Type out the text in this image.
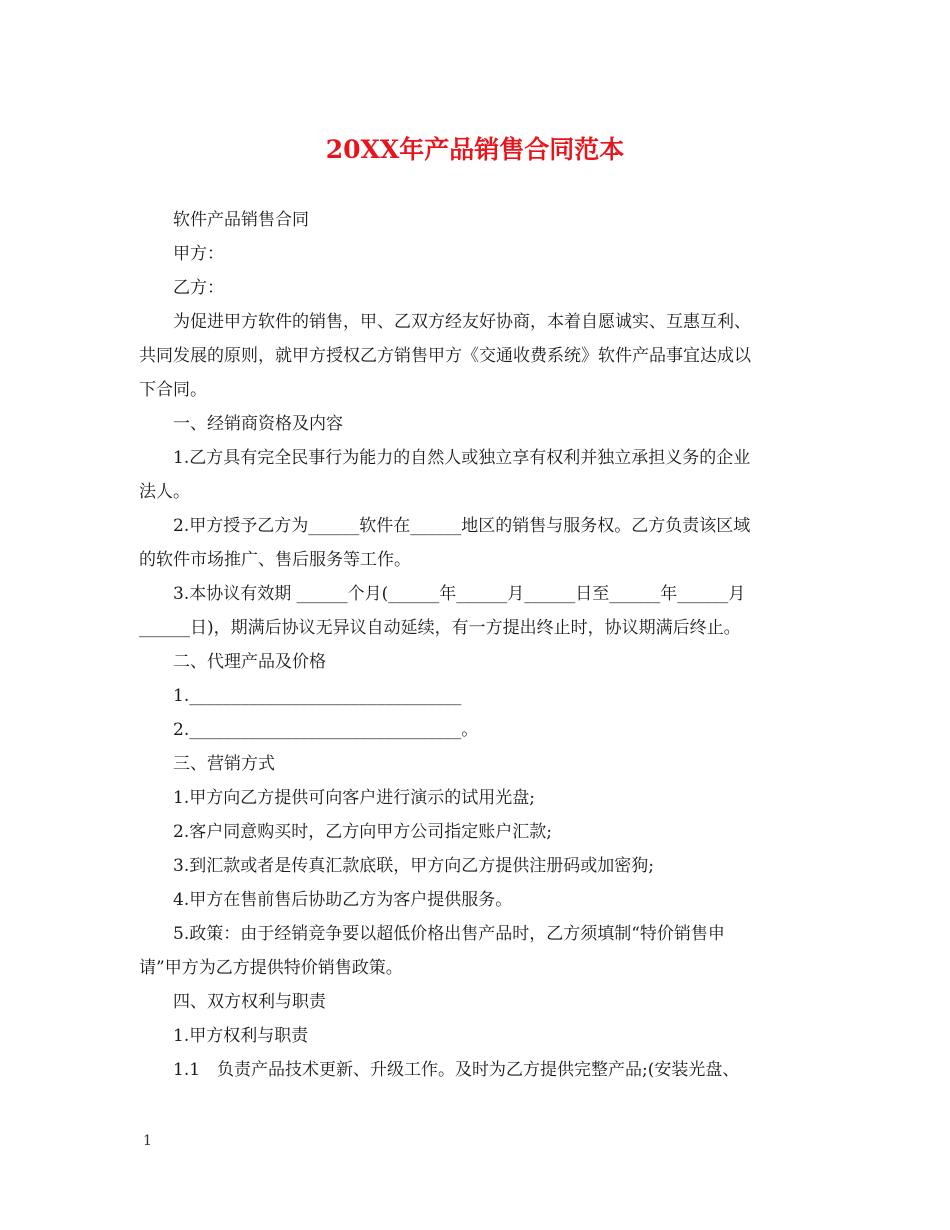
20XX年产品销售合同范本
软件产品销售合同
甲方：
乙方：
为促进甲方软件的销售，甲、乙双方经友好协商，本着自愿诚实、互惠互利、
共同发展的原则，就甲方授权乙方销售甲方《交通收费系统》软件产品事宜达成以
下合同。
一、经销商资格及内容
1.乙方具有完全民事行为能力的自然人或独立享有权利并独立承担义务的企业
法人。
2.甲方授予乙方为______软件在______地区的销售与服务权。乙方负责该区域
的软件市场推广、售后服务等工作。
3.本协议有效期 ______个月(______年______月______日至______年______月
______日)，期满后协议无异议自动延续，有一方提出终止时，协议期满后终止。
二、代理产品及价格
1.________________________________
2.________________________________。
三、营销方式
1.甲方向乙方提供可向客户进行演示的试用光盘;
2.客户同意购买时，乙方向甲方公司指定账户汇款;
3.到汇款或者是传真汇款底联，甲方向乙方提供注册码或加密狗;
4.甲方在售前售后协助乙方为客户提供服务。
5.政策：由于经销竞争要以超低价格出售产品时，乙方须填制“特价销售申
请”甲方为乙方提供特价销售政策。
四、双方权利与职责
1.甲方权利与职责
1.1　负责产品技术更新、升级工作。及时为乙方提供完整产品;(安装光盘、
1
